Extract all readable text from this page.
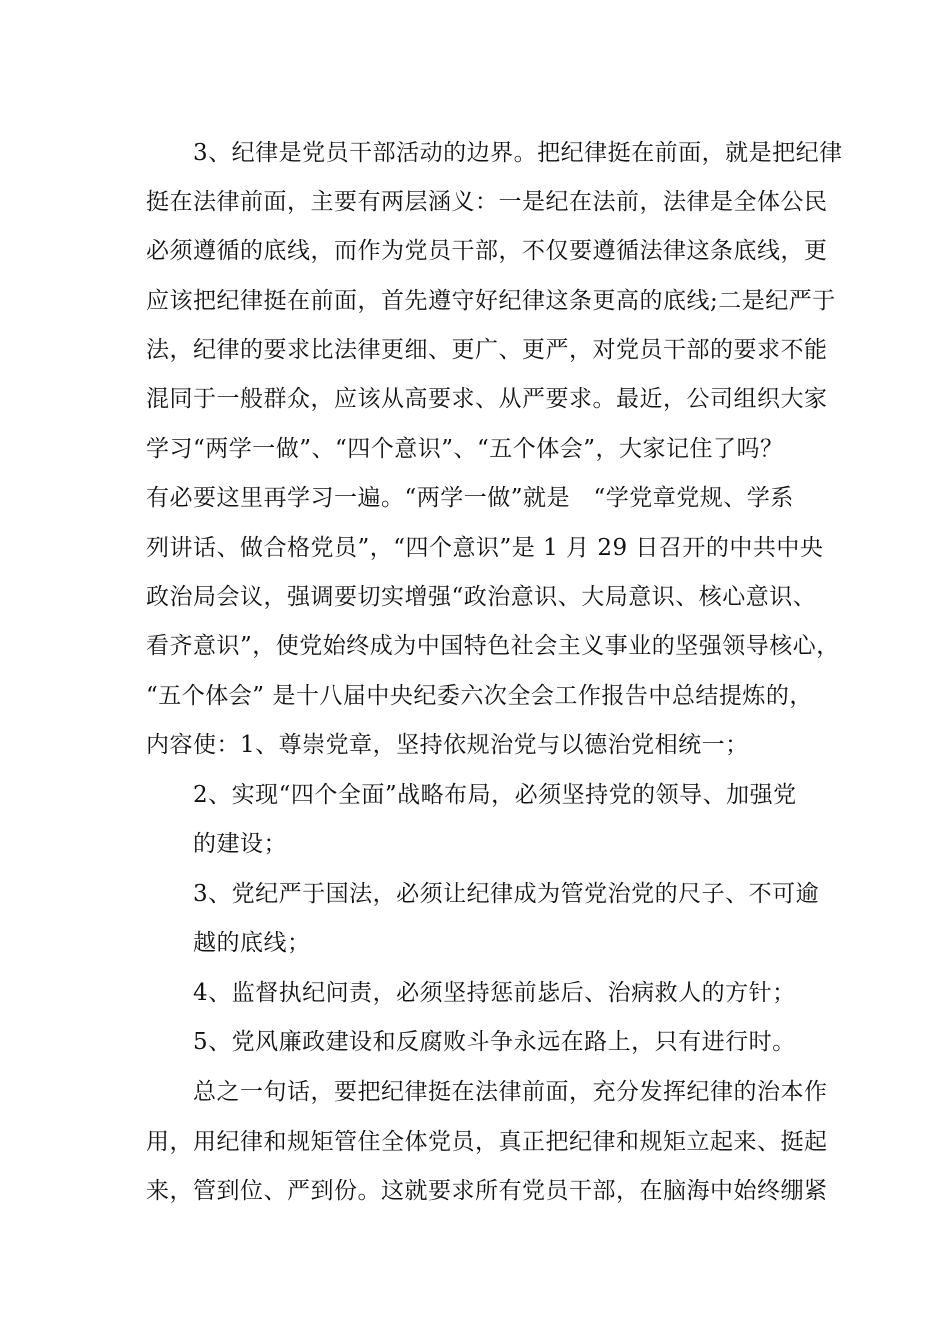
3、纪律是党员干部活动的边界。把纪律挺在前面，就是把纪律
挺在法律前面，主要有两层涵义：一是纪在法前，法律是全体公民
必须遵循的底线，而作为党员干部，不仅要遵循法律这条底线，更
应该把纪律挺在前面，首先遵守好纪律这条更高的底线;二是纪严于
法，纪律的要求比法律更细、更广、更严，对党员干部的要求不能
混同于一般群众，应该从高要求、从严要求。最近，公司组织大家
学习“两学一做”、“四个意识”、“五个体会”，大家记住了吗？
有必要这里再学习一遍。“两学一做”就是　“学党章党规、学系
列讲话、做合格党员”，“四个意识”是 1 月 29 日召开的中共中央
政治局会议，强调要切实增强“政治意识、大局意识、核心意识、
看齐意识”，使党始终成为中国特色社会主义事业的坚强领导核心，
“五个体会” 是十八届中央纪委六次全会工作报告中总结提炼的，
内容使：1、尊崇党章，坚持依规治党与以德治党相统一；
2、实现“四个全面”战略布局，必须坚持党的领导、加强党
的建设；
3、党纪严于国法，必须让纪律成为管党治党的尺子、不可逾
越的底线；
4、监督执纪问责，必须坚持惩前毖后、治病救人的方针；
5、党风廉政建设和反腐败斗争永远在路上，只有进行时。
总之一句话，要把纪律挺在法律前面，充分发挥纪律的治本作
用，用纪律和规矩管住全体党员，真正把纪律和规矩立起来、挺起
来，管到位、严到份。这就要求所有党员干部，在脑海中始终绷紧
